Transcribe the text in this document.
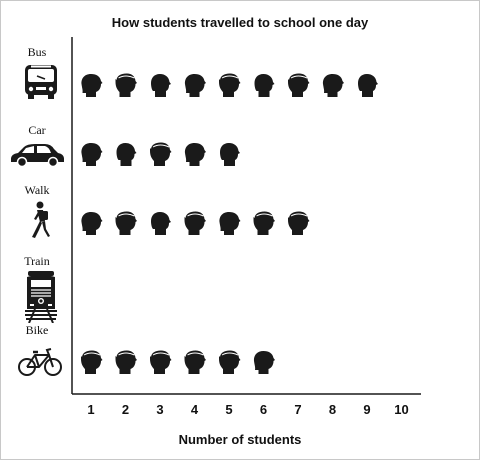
How students travelled to school one day
Bus
Car
Walk
Train
Bike
1 2 3 4 5 6 7 8 9 10
Number of students
